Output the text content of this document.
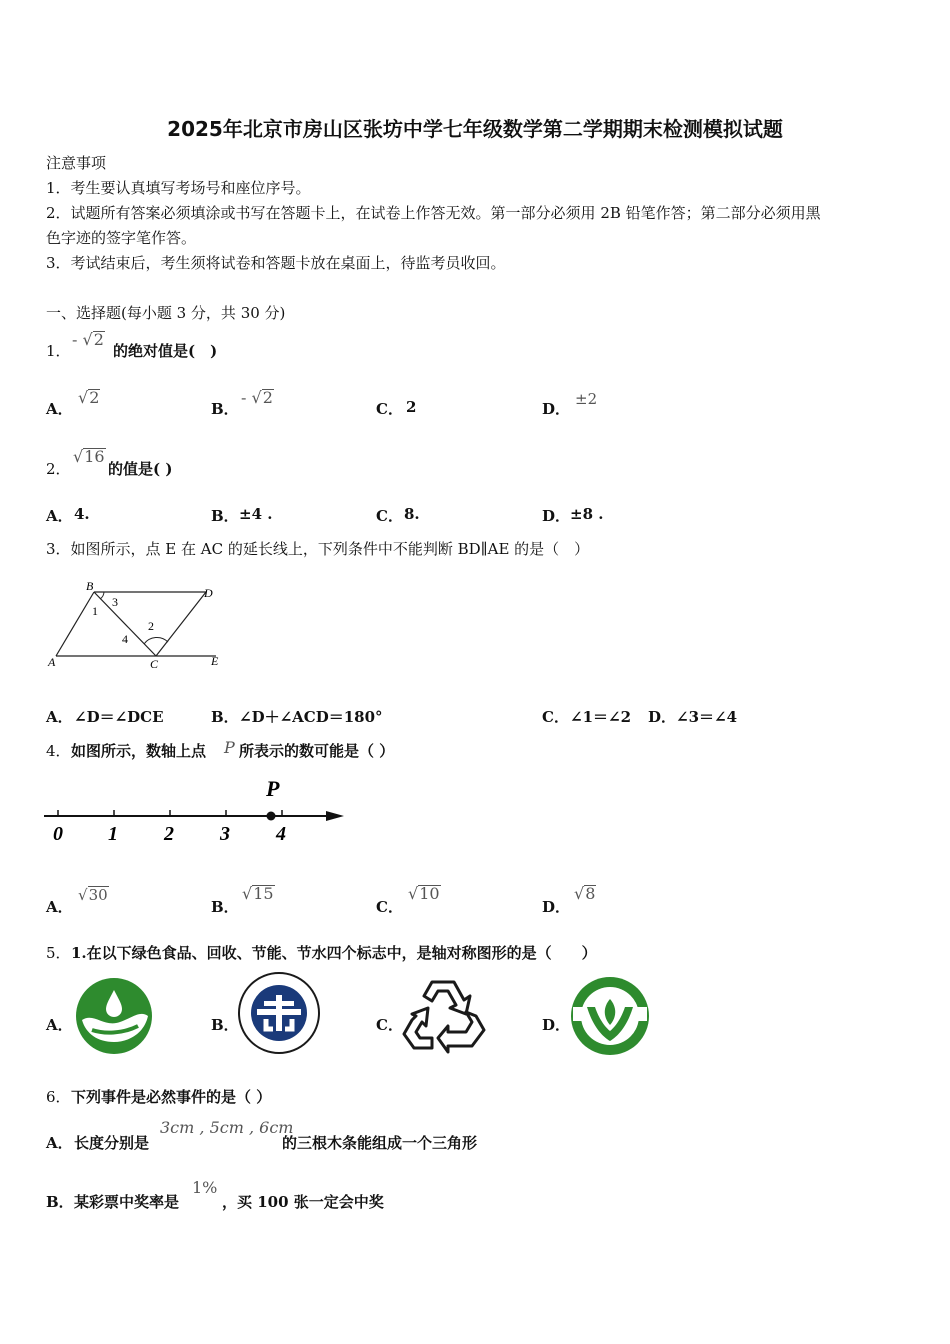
2025年北京市房山区张坊中学七年级数学第二学期期末检测模拟试题
注意事项
1．考生要认真填写考场号和座位序号。
2．试题所有答案必须填涂或书写在答题卡上，在试卷上作答无效。第一部分必须用 2B 铅笔作答；第二部分必须用黑
色字迹的签字笔作答。
3．考试结束后，考生须将试卷和答题卡放在桌面上，待监考员收回。
一、选择题(每小题 3 分，共 30 分)
1．
- √2
的绝对值是(　)
A．
√2
B．
- √2
C． 2	D．
±2
2．
√16
的值是( )
A． 4.	B． ±4 .	C． 8.	D． ±8 .
3．如图所示，点 E 在 AC 的延长线上，下列条件中不能判断 BD∥AE 的是（　）
B	D
A	C	E
1
2
3
4
A． ∠D＝∠DCE	B． ∠D＋∠ACD＝180°	C． ∠1＝∠2 D． ∠3＝∠4
4． 如图所示，数轴上点 P 所表示的数可能是（ ）
P
0 1 2 3 4
A．
√30
B．
√15
C．
√10
D．
√8
5． 1.在以下绿色食品、回收、节能、节水四个标志中，是轴对称图形的是（　　）
A．	B．	C．	D．
6． 下列事件是必然事件的是（ ）
A． 长度分别是
3cm , 5cm , 6cm
的三根木条能组成一个三角形
B． 某彩票中奖率是
1%
，买 100 张一定会中奖
